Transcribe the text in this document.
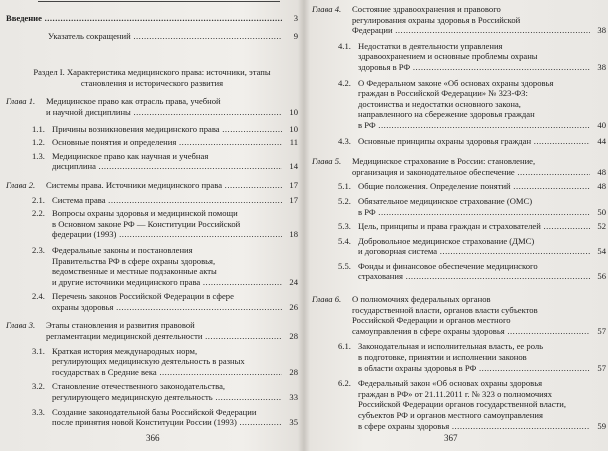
Введение .....	3
Указатель сокращений .....	9
Раздел I. Характеристика медицинского права: источники, этапы
становления и исторического развития
Глава 1. Медицинское право как отрасль права, учебной
и научной дисциплины .....	10
1.1. Причины возникновения медицинского права .....	10
1.2. Основные понятия и определения .....	11
1.3. Медицинское право как научная и учебная
дисциплина .....	14
Глава 2. Системы права. Источники медицинского права .....	17
2.1. Система права .....	17
2.2. Вопросы охраны здоровья и медицинской помощи
в Основном законе РФ — Конституции Российской
федерации (1993) .....	18
2.3. Федеральные законы и постановления
Правительства РФ в сфере охраны здоровья,
ведомственные и местные подзаконные акты
и другие источники медицинского права .....	24
2.4. Перечень законов Российской Федерации в сфере
охраны здоровья .....	26
Глава 3. Этапы становления и развития правовой
регламентации медицинской деятельности .....	28
3.1. Краткая история международных норм,
регулирующих медицинскую деятельность в разных
государствах в Средние века .....	28
3.2. Становление отечественного законодательства,
регулирующего медицинскую деятельность .....	33
3.3. Создание законодательной базы Российской Федерации
после принятия новой Конституции России (1993) .....	35
366
Глава 4. Состояние здравоохранения и правового
регулирования охраны здоровья в Российской
Федерации .....	38
4.1. Недостатки в деятельности управления
здравоохранением и основные проблемы охраны
здоровья в РФ .....	38
4.2. О Федеральном законе «Об основах охраны здоровья
граждан в Российской Федерации» № 323-ФЗ:
достоинства и недостатки основного закона,
направленного на сбережение здоровья граждан
в РФ .....	40
4.3. Основные принципы охраны здоровья граждан .....	44
Глава 5. Медицинское страхование в России: становление,
организация и законодательное обеспечение .....	48
5.1. Общие положения. Определение понятий .....	48
5.2. Обязательное медицинское страхование (ОМС)
в РФ .....	50
5.3. Цель, принципы и права граждан и страхователей .....	52
5.4. Добровольное медицинское страхование (ДМС)
и договорная система .....	54
5.5. Фонды и финансовое обеспечение медицинского
страхования .....	56
Глава 6. О полномочиях федеральных органов
государственной власти, органов власти субъектов
Российской Федерации и органов местного
самоуправления в сфере охраны здоровья .....	57
6.1. Законодательная и исполнительная власть, ее роль
в подготовке, принятии и исполнении законов
в области охраны здоровья в РФ .....	57
6.2. Федеральный закон «Об основах охраны здоровья
граждан в РФ» от 21.11.2011 г. № 323 о полномочиях
Российской Федерации органов государственной власти,
субъектов РФ и органов местного самоуправления
в сфере охраны здоровья .....	59
367
